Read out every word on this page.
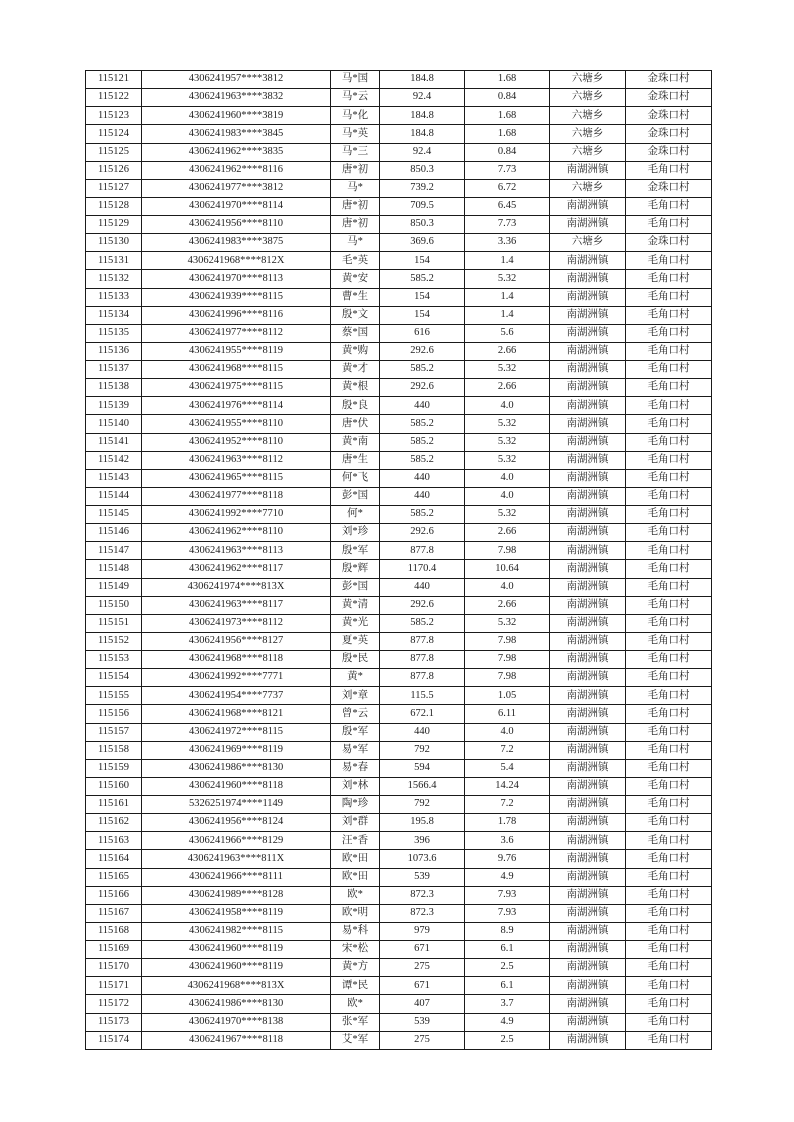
115121	4306241957****3812	马*国	184.8	1.68	六塘乡	金珠口村
115122	4306241963****3832	马*云	92.4	0.84	六塘乡	金珠口村
115123	4306241960****3819	马*化	184.8	1.68	六塘乡	金珠口村
115124	4306241983****3845	马*英	184.8	1.68	六塘乡	金珠口村
115125	4306241962****3835	马*三	92.4	0.84	六塘乡	金珠口村
115126	4306241962****8116	唐*初	850.3	7.73	南湖洲镇	毛角口村
115127	4306241977****3812	马*	739.2	6.72	六塘乡	金珠口村
115128	4306241970****8114	唐*初	709.5	6.45	南湖洲镇	毛角口村
115129	4306241956****8110	唐*初	850.3	7.73	南湖洲镇	毛角口村
115130	4306241983****3875	马*	369.6	3.36	六塘乡	金珠口村
115131	4306241968****812X	毛*英	154	1.4	南湖洲镇	毛角口村
115132	4306241970****8113	黄*安	585.2	5.32	南湖洲镇	毛角口村
115133	4306241939****8115	曹*生	154	1.4	南湖洲镇	毛角口村
115134	4306241996****8116	殷*文	154	1.4	南湖洲镇	毛角口村
115135	4306241977****8112	蔡*国	616	5.6	南湖洲镇	毛角口村
115136	4306241955****8119	黄*购	292.6	2.66	南湖洲镇	毛角口村
115137	4306241968****8115	黄*才	585.2	5.32	南湖洲镇	毛角口村
115138	4306241975****8115	黄*根	292.6	2.66	南湖洲镇	毛角口村
115139	4306241976****8114	殷*良	440	4.0	南湖洲镇	毛角口村
115140	4306241955****8110	唐*伏	585.2	5.32	南湖洲镇	毛角口村
115141	4306241952****8110	黄*南	585.2	5.32	南湖洲镇	毛角口村
115142	4306241963****8112	唐*生	585.2	5.32	南湖洲镇	毛角口村
115143	4306241965****8115	何*飞	440	4.0	南湖洲镇	毛角口村
115144	4306241977****8118	彭*国	440	4.0	南湖洲镇	毛角口村
115145	4306241992****7710	何*	585.2	5.32	南湖洲镇	毛角口村
115146	4306241962****8110	刘*珍	292.6	2.66	南湖洲镇	毛角口村
115147	4306241963****8113	殷*军	877.8	7.98	南湖洲镇	毛角口村
115148	4306241962****8117	殷*辉	1170.4	10.64	南湖洲镇	毛角口村
115149	4306241974****813X	彭*国	440	4.0	南湖洲镇	毛角口村
115150	4306241963****8117	黄*清	292.6	2.66	南湖洲镇	毛角口村
115151	4306241973****8112	黄*光	585.2	5.32	南湖洲镇	毛角口村
115152	4306241956****8127	夏*英	877.8	7.98	南湖洲镇	毛角口村
115153	4306241968****8118	殷*民	877.8	7.98	南湖洲镇	毛角口村
115154	4306241992****7771	黄*	877.8	7.98	南湖洲镇	毛角口村
115155	4306241954****7737	刘*章	115.5	1.05	南湖洲镇	毛角口村
115156	4306241968****8121	曾*云	672.1	6.11	南湖洲镇	毛角口村
115157	4306241972****8115	殷*军	440	4.0	南湖洲镇	毛角口村
115158	4306241969****8119	易*军	792	7.2	南湖洲镇	毛角口村
115159	4306241986****8130	易*春	594	5.4	南湖洲镇	毛角口村
115160	4306241960****8118	刘*林	1566.4	14.24	南湖洲镇	毛角口村
115161	5326251974****1149	陶*珍	792	7.2	南湖洲镇	毛角口村
115162	4306241956****8124	刘*群	195.8	1.78	南湖洲镇	毛角口村
115163	4306241966****8129	汪*香	396	3.6	南湖洲镇	毛角口村
115164	4306241963****811X	欧*田	1073.6	9.76	南湖洲镇	毛角口村
115165	4306241966****8111	欧*田	539	4.9	南湖洲镇	毛角口村
115166	4306241989****8128	欧*	872.3	7.93	南湖洲镇	毛角口村
115167	4306241958****8119	欧*明	872.3	7.93	南湖洲镇	毛角口村
115168	4306241982****8115	易*科	979	8.9	南湖洲镇	毛角口村
115169	4306241960****8119	宋*松	671	6.1	南湖洲镇	毛角口村
115170	4306241960****8119	黄*方	275	2.5	南湖洲镇	毛角口村
115171	4306241968****813X	谭*民	671	6.1	南湖洲镇	毛角口村
115172	4306241986****8130	欧*	407	3.7	南湖洲镇	毛角口村
115173	4306241970****8138	张*军	539	4.9	南湖洲镇	毛角口村
115174	4306241967****8118	艾*军	275	2.5	南湖洲镇	毛角口村
